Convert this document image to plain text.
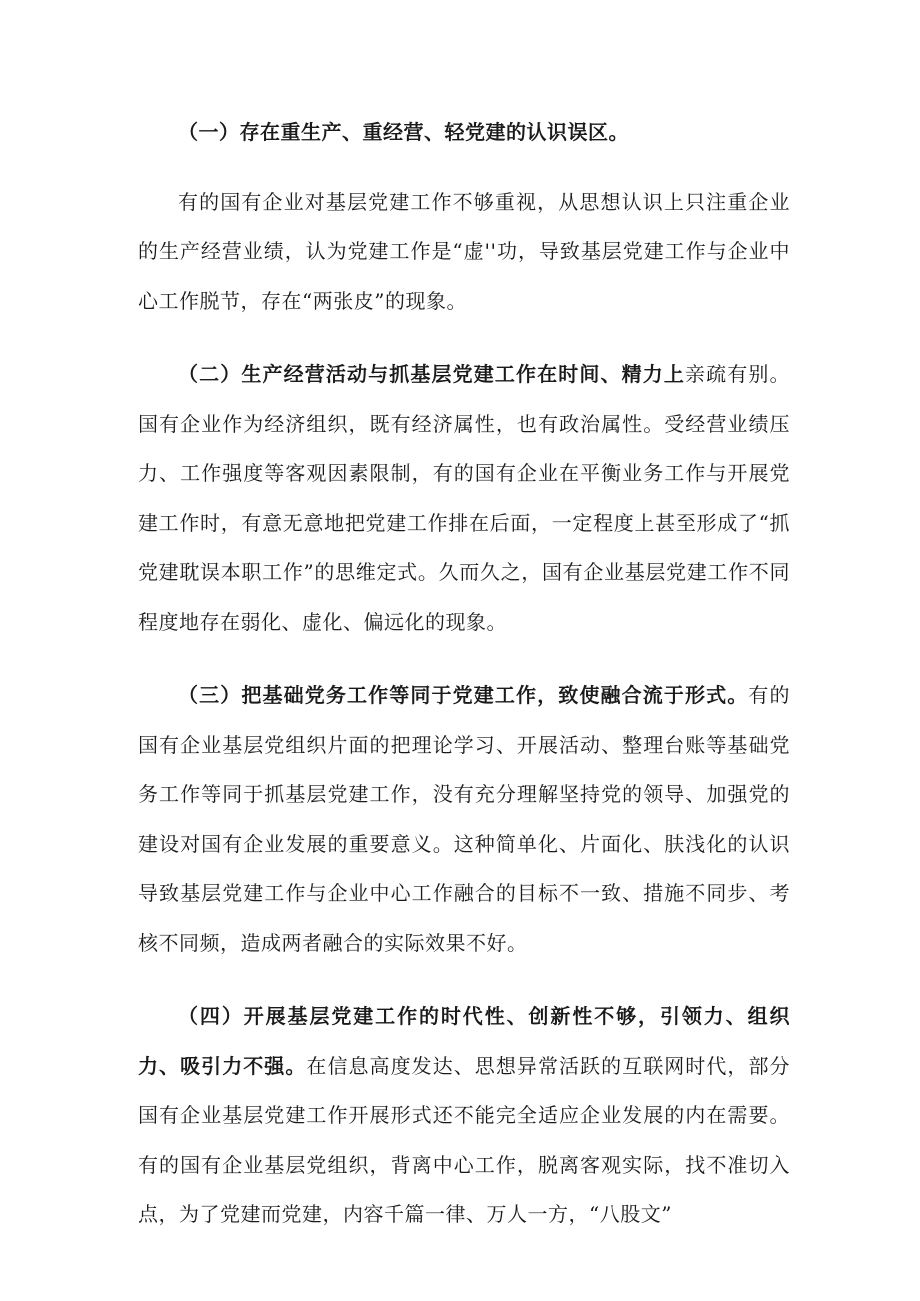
（一）存在重生产、重经营、轻党建的认识误区。

有的国有企业对基层党建工作不够重视，从思想认识上只注重企业的生产经营业绩，认为党建工作是“虚''功，导致基层党建工作与企业中心工作脱节，存在“两张皮”的现象。

（二）生产经营活动与抓基层党建工作在时间、精力上亲疏有别。国有企业作为经济组织，既有经济属性，也有政治属性。受经营业绩压力、工作强度等客观因素限制，有的国有企业在平衡业务工作与开展党建工作时，有意无意地把党建工作排在后面，一定程度上甚至形成了“抓党建耽误本职工作”的思维定式。久而久之，国有企业基层党建工作不同程度地存在弱化、虚化、偏远化的现象。

（三）把基础党务工作等同于党建工作，致使融合流于形式。有的国有企业基层党组织片面的把理论学习、开展活动、整理台账等基础党务工作等同于抓基层党建工作，没有充分理解坚持党的领导、加强党的建设对国有企业发展的重要意义。这种简单化、片面化、肤浅化的认识导致基层党建工作与企业中心工作融合的目标不一致、措施不同步、考核不同频，造成两者融合的实际效果不好。

（四）开展基层党建工作的时代性、创新性不够，引领力、组织力、吸引力不强。在信息高度发达、思想异常活跃的互联网时代，部分国有企业基层党建工作开展形式还不能完全适应企业发展的内在需要。有的国有企业基层党组织，背离中心工作，脱离客观实际，找不准切入点，为了党建而党建，内容千篇一律、万人一方，“八股文”
